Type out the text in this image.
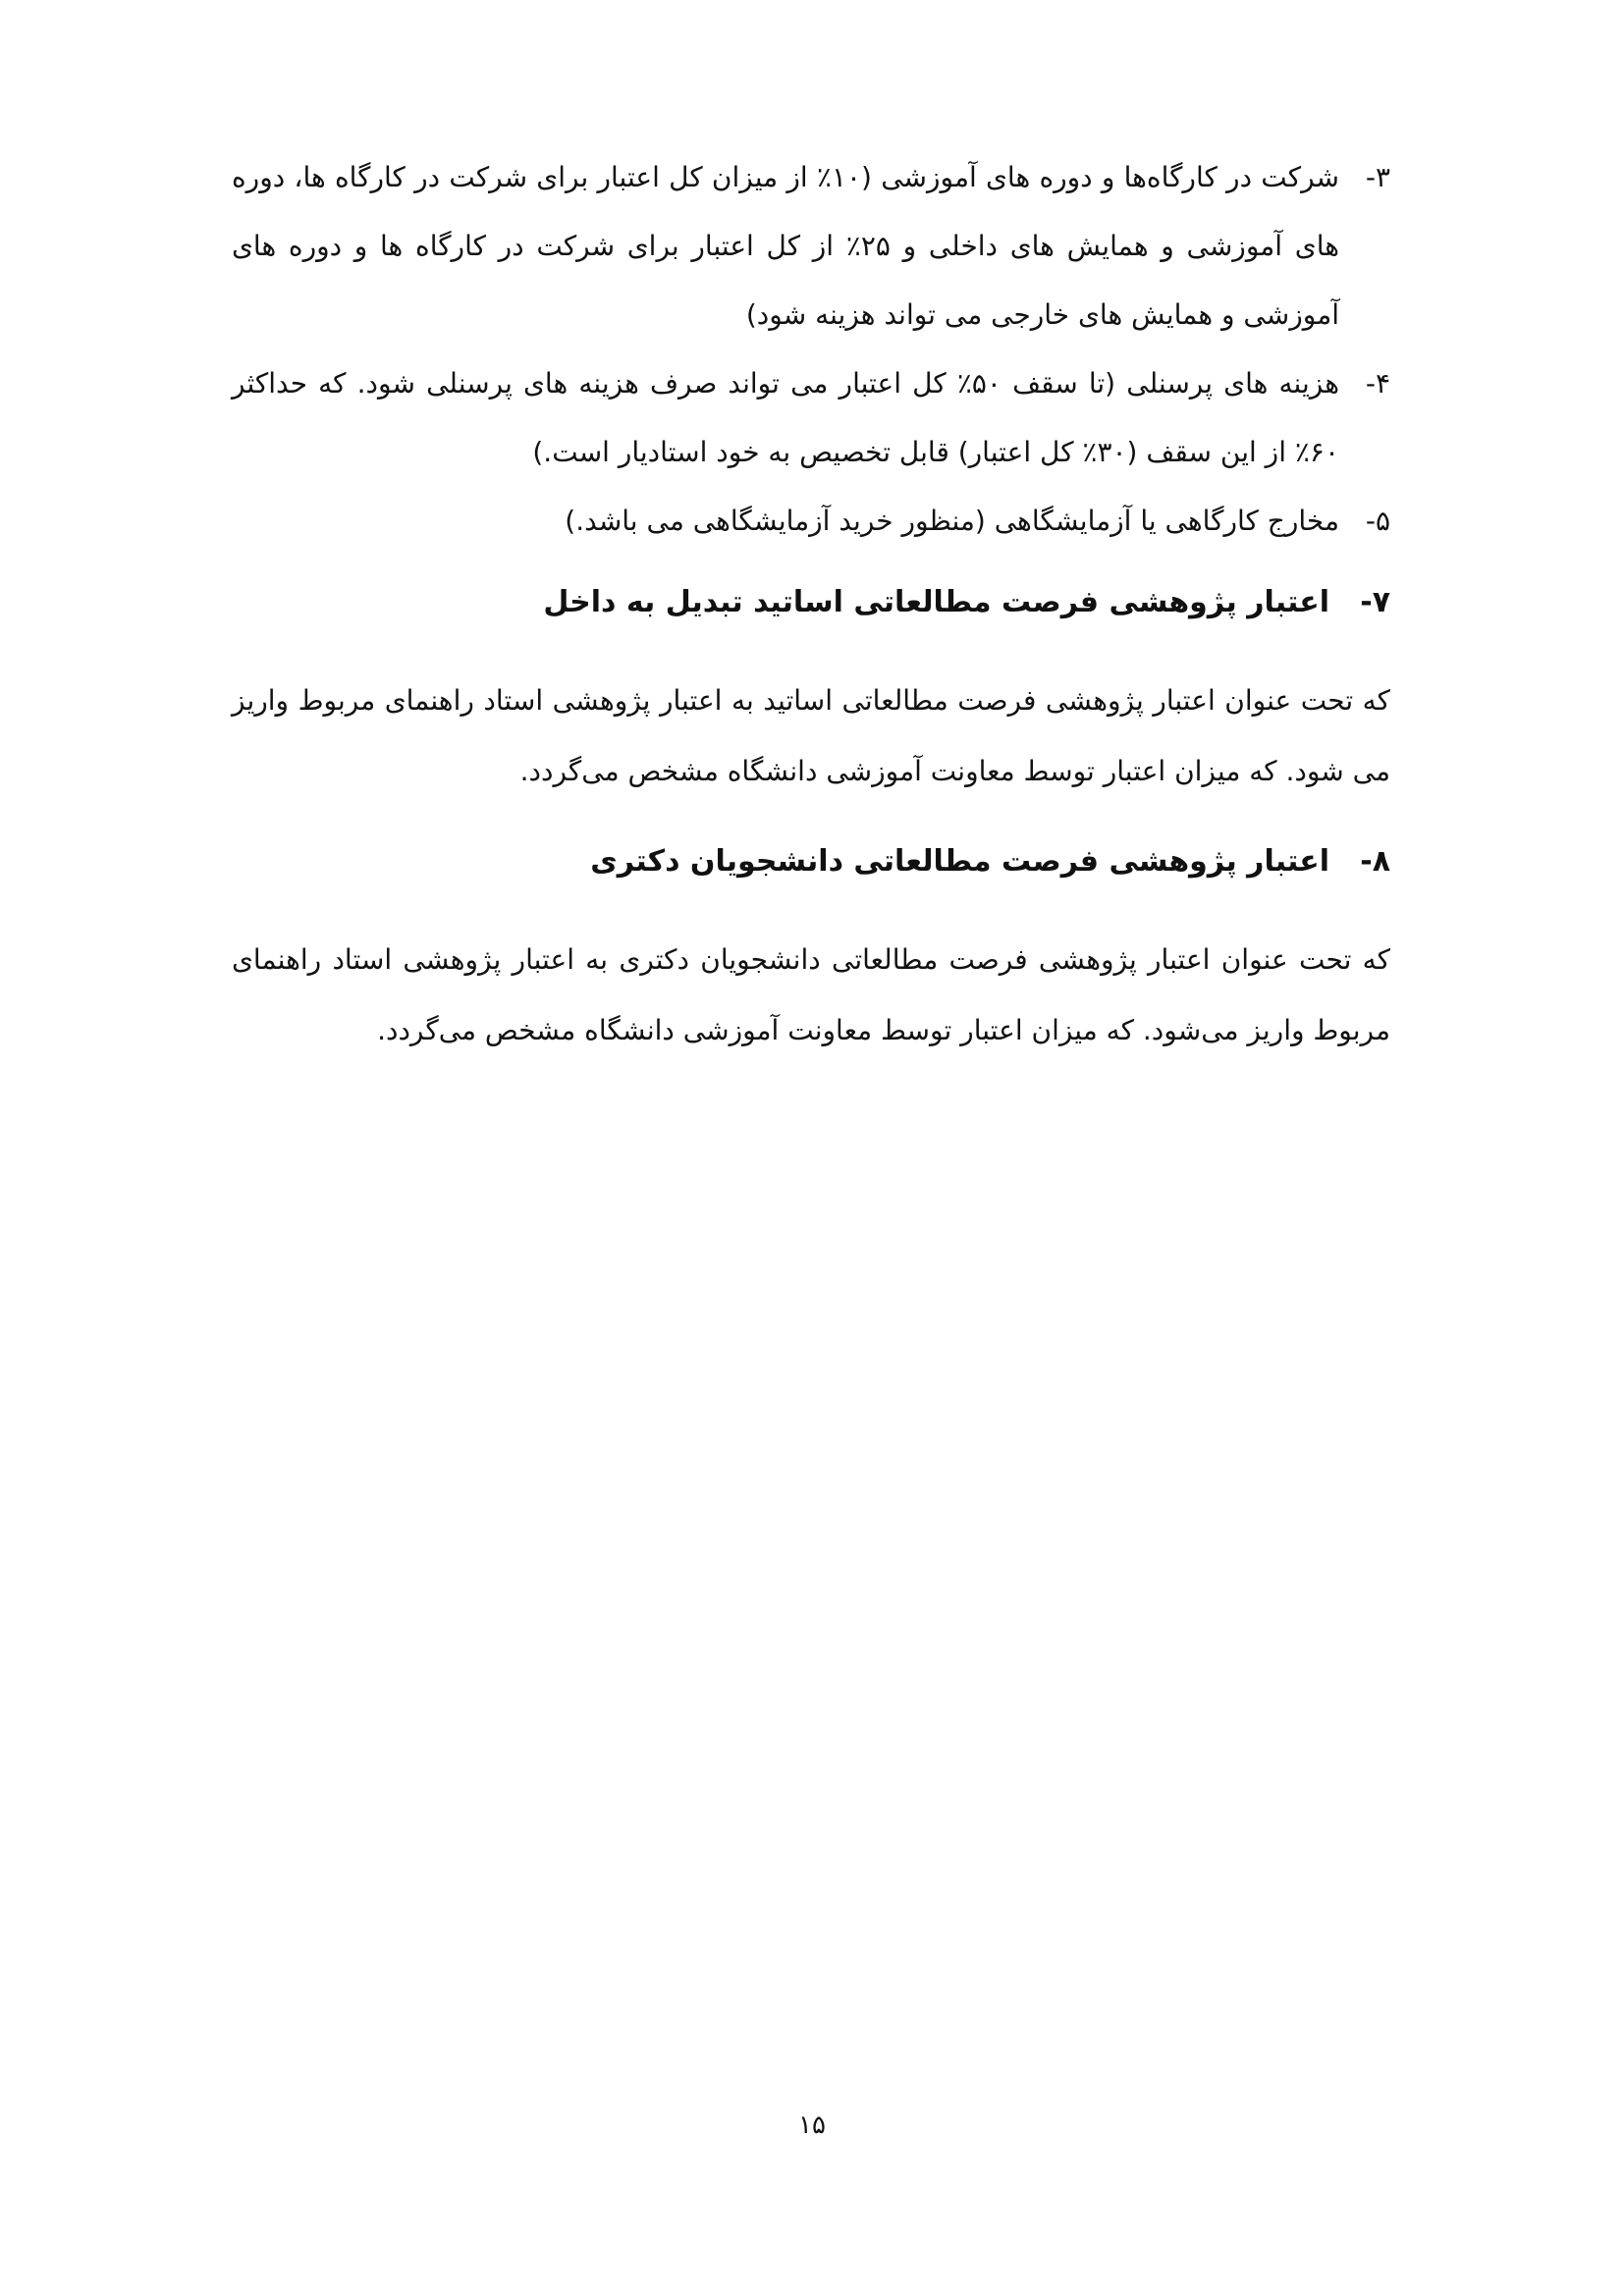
۳-
شرکت در کارگاه‌ها و دوره های آموزشی (۱۰٪ از میزان کل اعتبار برای شرکت در کارگاه ها، دوره های آموزشی و همایش های داخلی و ۲۵٪ از کل اعتبار برای شرکت در کارگاه ها و دوره های آموزشی و همایش های خارجی می تواند هزینه شود)
۴-
هزینه های پرسنلی (تا سقف ۵۰٪ کل اعتبار می تواند صرف هزینه های پرسنلی شود. که حداکثر ۶۰٪ از این سقف (۳۰٪ کل اعتبار) قابل تخصیص به خود استادیار است.)
۵-
مخارج کارگاهی یا آزمایشگاهی (منظور خرید آزمایشگاهی می باشد.)
۷-
اعتبار پژوهشی فرصت مطالعاتی اساتید تبدیل به داخل

که تحت عنوان اعتبار پژوهشی فرصت مطالعاتی اساتید به اعتبار پژوهشی استاد راهنمای مربوط واریز می شود. که میزان اعتبار توسط معاونت آموزشی دانشگاه مشخص می‌گردد.

۸-
اعتبار پژوهشی فرصت مطالعاتی دانشجویان دکتری

که تحت عنوان اعتبار پژوهشی فرصت مطالعاتی دانشجویان دکتری به اعتبار پژوهشی استاد راهنمای مربوط واریز می‌شود. که میزان اعتبار توسط معاونت آموزشی دانشگاه مشخص می‌گردد.

۱۵
